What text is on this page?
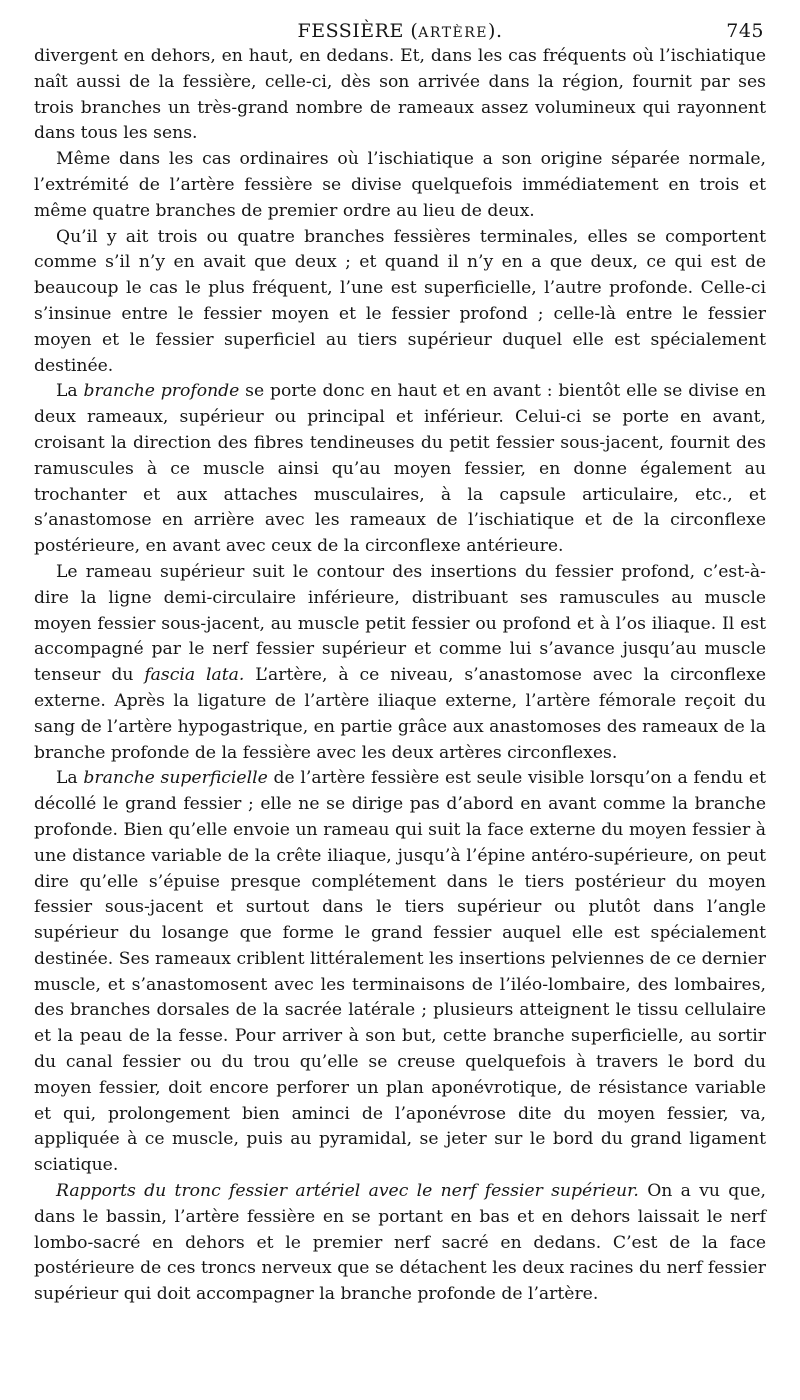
FESSIÈRE (ARTÈRE).	745

divergent en dehors, en haut, en dedans. Et, dans les cas fréquents où l’ischiatique naît aussi de la fessière, celle-ci, dès son arrivée dans la région, fournit par ses trois branches un très-grand nombre de rameaux assez volumineux qui rayonnent dans tous les sens.

Même dans les cas ordinaires où l’ischiatique a son origine séparée normale, l’extrémité de l’artère fessière se divise quelquefois immédiatement en trois et même quatre branches de premier ordre au lieu de deux.

Qu’il y ait trois ou quatre branches fessières terminales, elles se comportent comme s’il n’y en avait que deux ; et quand il n’y en a que deux, ce qui est de beaucoup le cas le plus fréquent, l’une est superficielle, l’autre profonde. Celle-ci s’insinue entre le fessier moyen et le fessier profond ; celle-là entre le fessier moyen et le fessier superficiel au tiers supérieur duquel elle est spécialement destinée.

La branche profonde se porte donc en haut et en avant : bientôt elle se divise en deux rameaux, supérieur ou principal et inférieur. Celui-ci se porte en avant, croisant la direction des fibres tendineuses du petit fessier sous-jacent, fournit des ramuscules à ce muscle ainsi qu’au moyen fessier, en donne également au trochanter et aux attaches musculaires, à la capsule articulaire, etc., et s’anastomose en arrière avec les rameaux de l’ischiatique et de la circonflexe postérieure, en avant avec ceux de la circonflexe antérieure.

Le rameau supérieur suit le contour des insertions du fessier profond, c’est-à-dire la ligne demi-circulaire inférieure, distribuant ses ramuscules au muscle moyen fessier sous-jacent, au muscle petit fessier ou profond et à l’os iliaque. Il est accompagné par le nerf fessier supérieur et comme lui s’avance jusqu’au muscle tenseur du fascia lata. L’artère, à ce niveau, s’anastomose avec la circonflexe externe. Après la ligature de l’artère iliaque externe, l’artère fémorale reçoit du sang de l’artère hypogastrique, en partie grâce aux anastomoses des rameaux de la branche profonde de la fessière avec les deux artères circonflexes.

La branche superficielle de l’artère fessière est seule visible lorsqu’on a fendu et décollé le grand fessier ; elle ne se dirige pas d’abord en avant comme la branche profonde. Bien qu’elle envoie un rameau qui suit la face externe du moyen fessier à une distance variable de la crête iliaque, jusqu’à l’épine antéro-supérieure, on peut dire qu’elle s’épuise presque complétement dans le tiers postérieur du moyen fessier sous-jacent et surtout dans le tiers supérieur ou plutôt dans l’angle supérieur du losange que forme le grand fessier auquel elle est spécialement destinée. Ses rameaux criblent littéralement les insertions pelviennes de ce dernier muscle, et s’anastomosent avec les terminaisons de l’iléo-lombaire, des lombaires, des branches dorsales de la sacrée latérale ; plusieurs atteignent le tissu cellulaire et la peau de la fesse. Pour arriver à son but, cette branche superficielle, au sortir du canal fessier ou du trou qu’elle se creuse quelquefois à travers le bord du moyen fessier, doit encore perforer un plan aponévrotique, de résistance variable et qui, prolongement bien aminci de l’aponévrose dite du moyen fessier, va, appliquée à ce muscle, puis au pyramidal, se jeter sur le bord du grand ligament sciatique.

Rapports du tronc fessier artériel avec le nerf fessier supérieur. On a vu que, dans le bassin, l’artère fessière en se portant en bas et en dehors laissait le nerf lombo-sacré en dehors et le premier nerf sacré en dedans. C’est de la face postérieure de ces troncs nerveux que se détachent les deux racines du nerf fessier supérieur qui doit accompagner la branche profonde de l’artère.
